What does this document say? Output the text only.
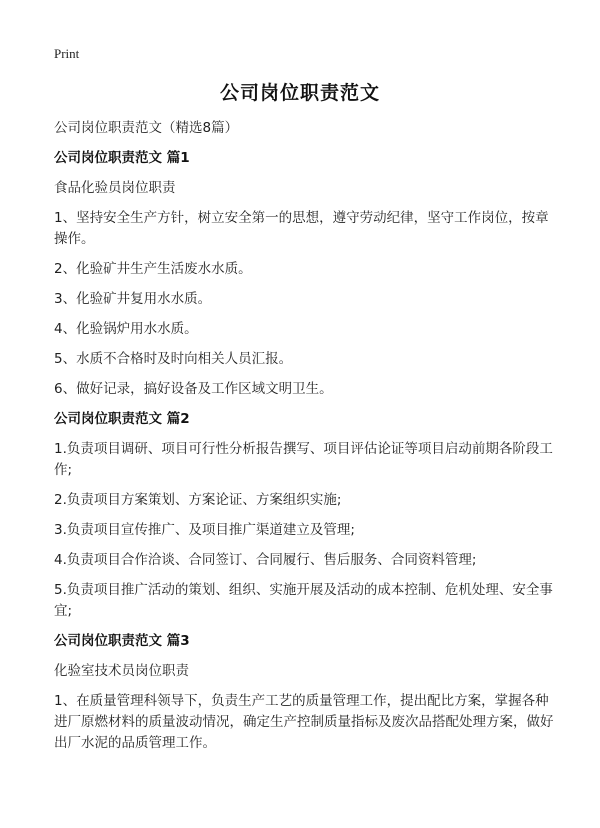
Print
公司岗位职责范文

公司岗位职责范文（精选8篇）

公司岗位职责范文 篇1

食品化验员岗位职责

1、坚持安全生产方针，树立安全第一的思想，遵守劳动纪律，坚守工作岗位，按章操作。

2、化验矿井生产生活废水水质。

3、化验矿井复用水水质。

4、化验锅炉用水水质。

5、水质不合格时及时向相关人员汇报。

6、做好记录，搞好设备及工作区域文明卫生。

公司岗位职责范文 篇2

1.负责项目调研、项目可行性分析报告撰写、项目评估论证等项目启动前期各阶段工作;

2.负责项目方案策划、方案论证、方案组织实施;

3.负责项目宣传推广、及项目推广渠道建立及管理;

4.负责项目合作洽谈、合同签订、合同履行、售后服务、合同资料管理;

5.负责项目推广活动的策划、组织、实施开展及活动的成本控制、危机处理、安全事宜;

公司岗位职责范文 篇3

化验室技术员岗位职责

1、在质量管理科领导下，负责生产工艺的质量管理工作，提出配比方案，掌握各种进厂原燃材料的质量波动情况，确定生产控制质量指标及废次品搭配处理方案，做好出厂水泥的品质管理工作。
